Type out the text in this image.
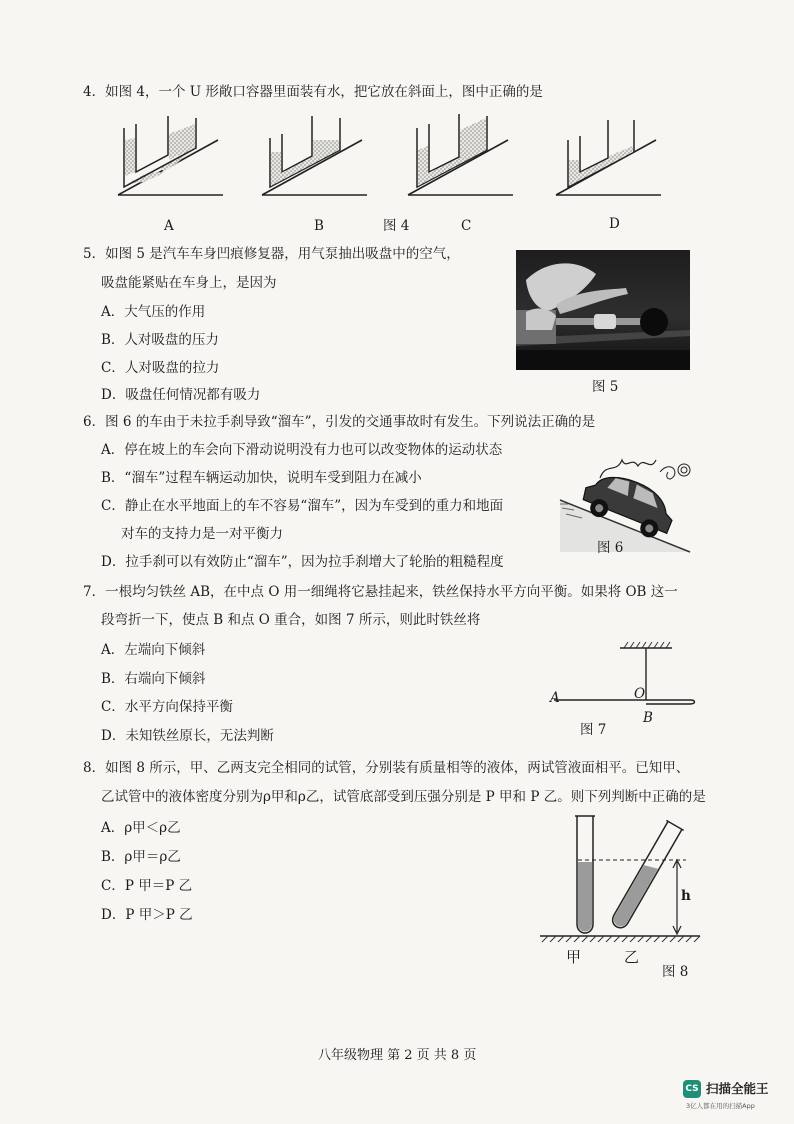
4．如图 4，一个 U 形敞口容器里面装有水，把它放在斜面上，图中正确的是
A	B	图 4	C	D
5．如图 5 是汽车车身凹痕修复器，用气泵抽出吸盘中的空气，
吸盘能紧贴在车身上，是因为
A．大气压的作用
B．人对吸盘的压力
C．人对吸盘的拉力
D．吸盘任何情况都有吸力	图 5
6．图 6 的车由于未拉手刹导致“溜车”，引发的交通事故时有发生。下列说法正确的是
A．停在坡上的车会向下滑动说明没有力也可以改变物体的运动状态
B．“溜车”过程车辆运动加快，说明车受到阻力在减小
C．静止在水平地面上的车不容易“溜车”，因为车受到的重力和地面
对车的支持力是一对平衡力
D．拉手刹可以有效防止“溜车”，因为拉手刹增大了轮胎的粗糙程度
图 6
7．一根均匀铁丝 AB，在中点 O 用一细绳将它悬挂起来，铁丝保持水平方向平衡。如果将 OB 这一
段弯折一下，使点 B 和点 O 重合，如图 7 所示，则此时铁丝将
A．左端向下倾斜
B．右端向下倾斜
C．水平方向保持平衡
D．未知铁丝原长，无法判断
A	O
图 7
B
8．如图 8 所示，甲、乙两支完全相同的试管，分别装有质量相等的液体，两试管液面相平。已知甲、
乙试管中的液体密度分别为ρ甲和ρ乙，试管底部受到压强分别是 P 甲和 P 乙。则下列判断中正确的是
A．ρ甲＜ρ乙
B．ρ甲＝ρ乙
C．P 甲＝P 乙
D．P 甲＞P 乙
h
甲	乙
图 8
八年级物理 第 2 页 共 8 页
CS 扫描全能王
3亿人都在用的扫描App
